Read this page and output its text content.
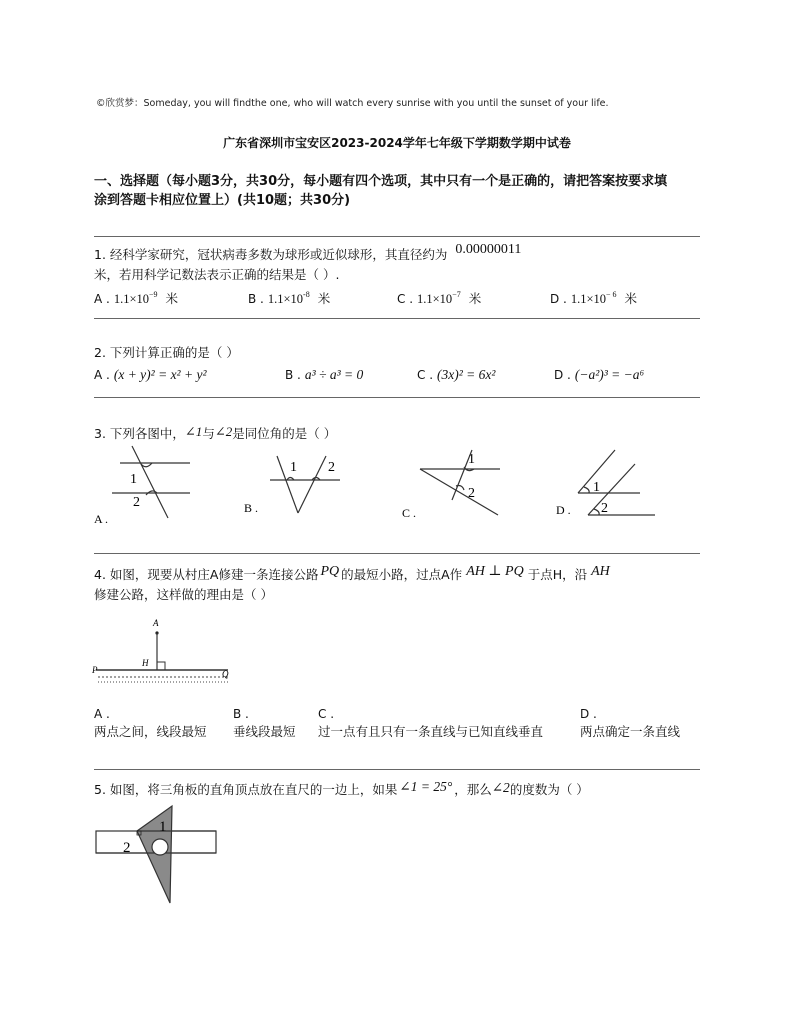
©欣赏梦：Someday, you will findthe one, who will watch every sunrise with you until the sunset of your life.
广东省深圳市宝安区2023-2024学年七年级下学期数学期中试卷
一、选择题（每小题3分，共30分，每小题有四个选项，其中只有一个是正确的，请把答案按要求填
涂到答题卡相应位置上）(共10题；共30分)
1. 经科学家研究，冠状病毒多数为球形或近似球形，其直径约为 0.00000011
米，若用科学记数法表示正确的结果是（ ）.
A . $1.1\times 10^{-9}$ 米	B . $1.1\times 10^{-8}$ 米	C . $1.1\times 10^{-7}$ 米	D . $1.1\times 10^{- 6}$ 米
2. 下列计算正确的是（ ）
A . (x + y)² = x² + y²	B . a³ ÷ a³ = 0	C . (3x)² = 6x²	D . (−a²)³ = −a⁶
3. 下列各图中，∠1与∠2是同位角的是（ ）
1
2
A .
1 2
B .
1
2
C .
1
2
D .
4. 如图，现要从村庄A修建一条连接公路 PQ 的最短小路，过点A作 AH ⊥ PQ 于点H，沿 AH
修建公路，这样做的理由是（ ）
A
H
P	Q
A .
两点之间，线段最短
B .
垂线段最短
C .
过一点有且只有一条直线与已知直线垂直
D .
两点确定一条直线
5. 如图，将三角板的直角顶点放在直尺的一边上，如果 ∠1 = 25° ，那么∠2的度数为（ ）
1
2
